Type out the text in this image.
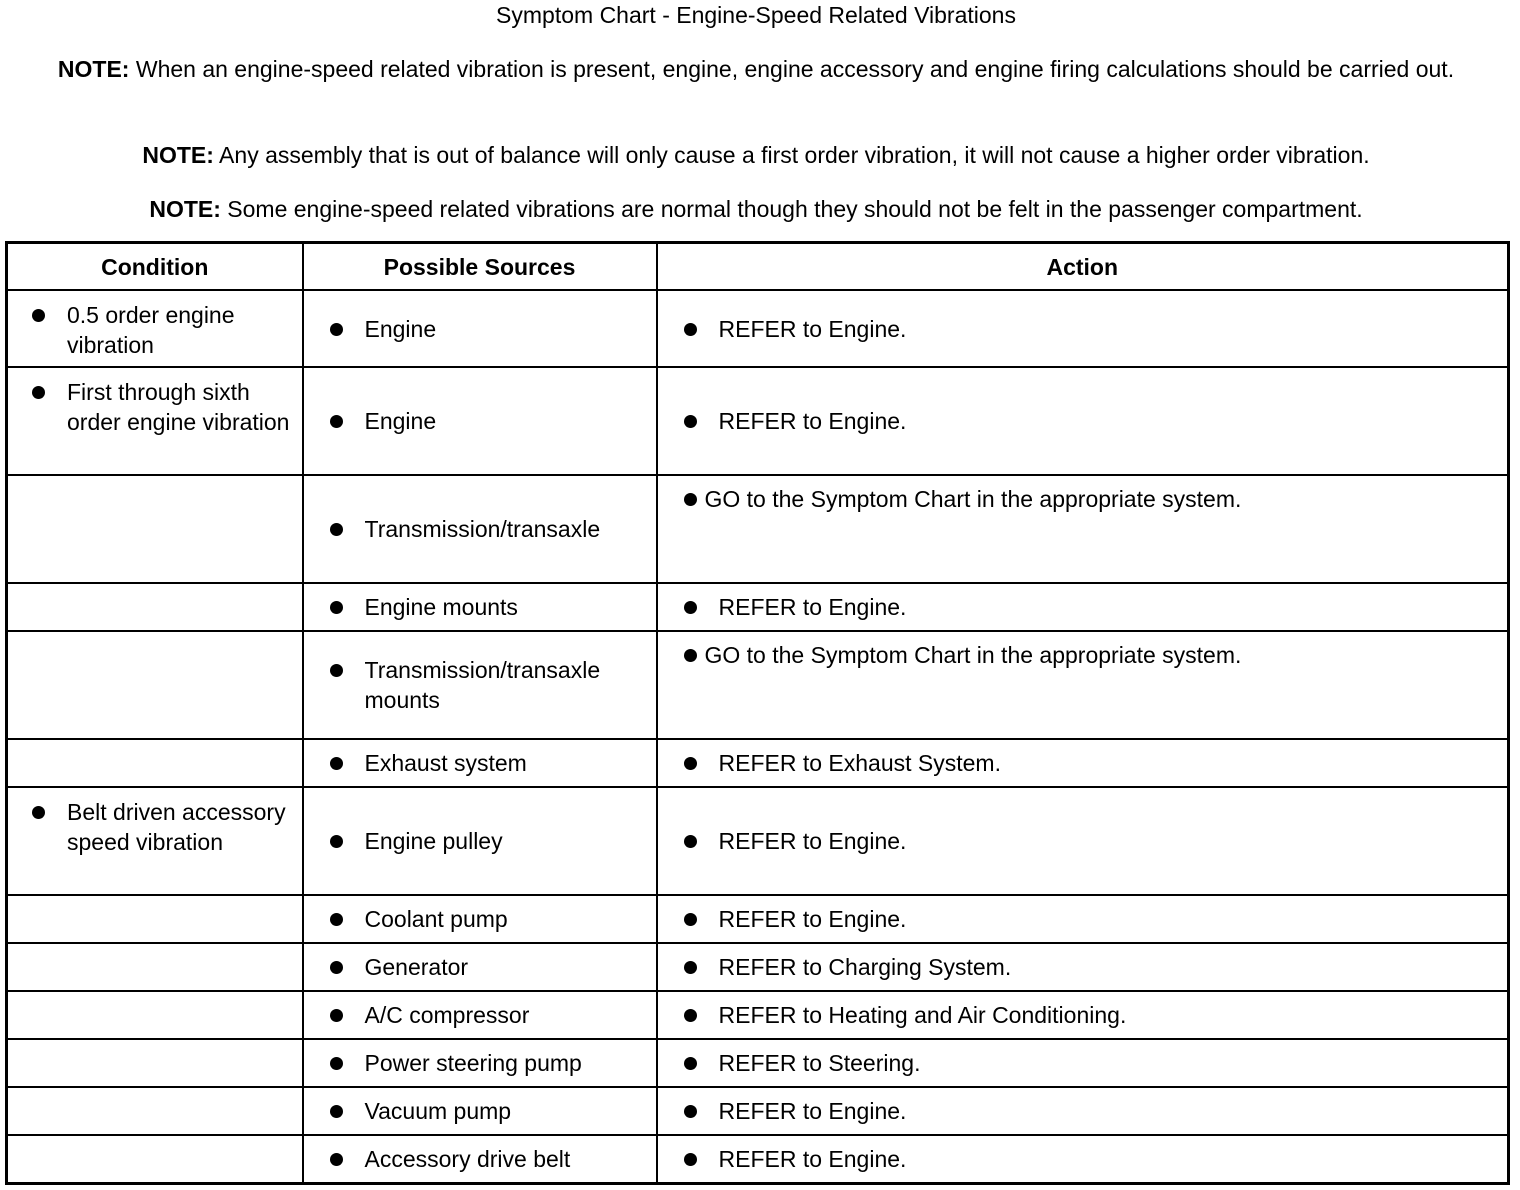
Symptom Chart - Engine-Speed Related Vibrations
NOTE: When an engine-speed related vibration is present, engine, engine accessory and engine firing calculations should be carried out.
NOTE: Any assembly that is out of balance will only cause a first order vibration, it will not cause a higher order vibration.
NOTE: Some engine-speed related vibrations are normal though they should not be felt in the passenger compartment.
Condition	Possible Sources	Action

0.5 order engine vibration	Engine	REFER to Engine.

First through sixth order engine vibration	Engine	REFER to Engine.

	Transmission/transaxle	GO to the Symptom Chart in the appropriate system.

	Engine mounts	REFER to Engine.

	Transmission/transaxle mounts	GO to the Symptom Chart in the appropriate system.

	Exhaust system	REFER to Exhaust System.

Belt driven accessory speed vibration	Engine pulley	REFER to Engine.

	Coolant pump	REFER to Engine.

	Generator	REFER to Charging System.

	A/C compressor	REFER to Heating and Air Conditioning.

	Power steering pump	REFER to Steering.

	Vacuum pump	REFER to Engine.

	Accessory drive belt	REFER to Engine.
